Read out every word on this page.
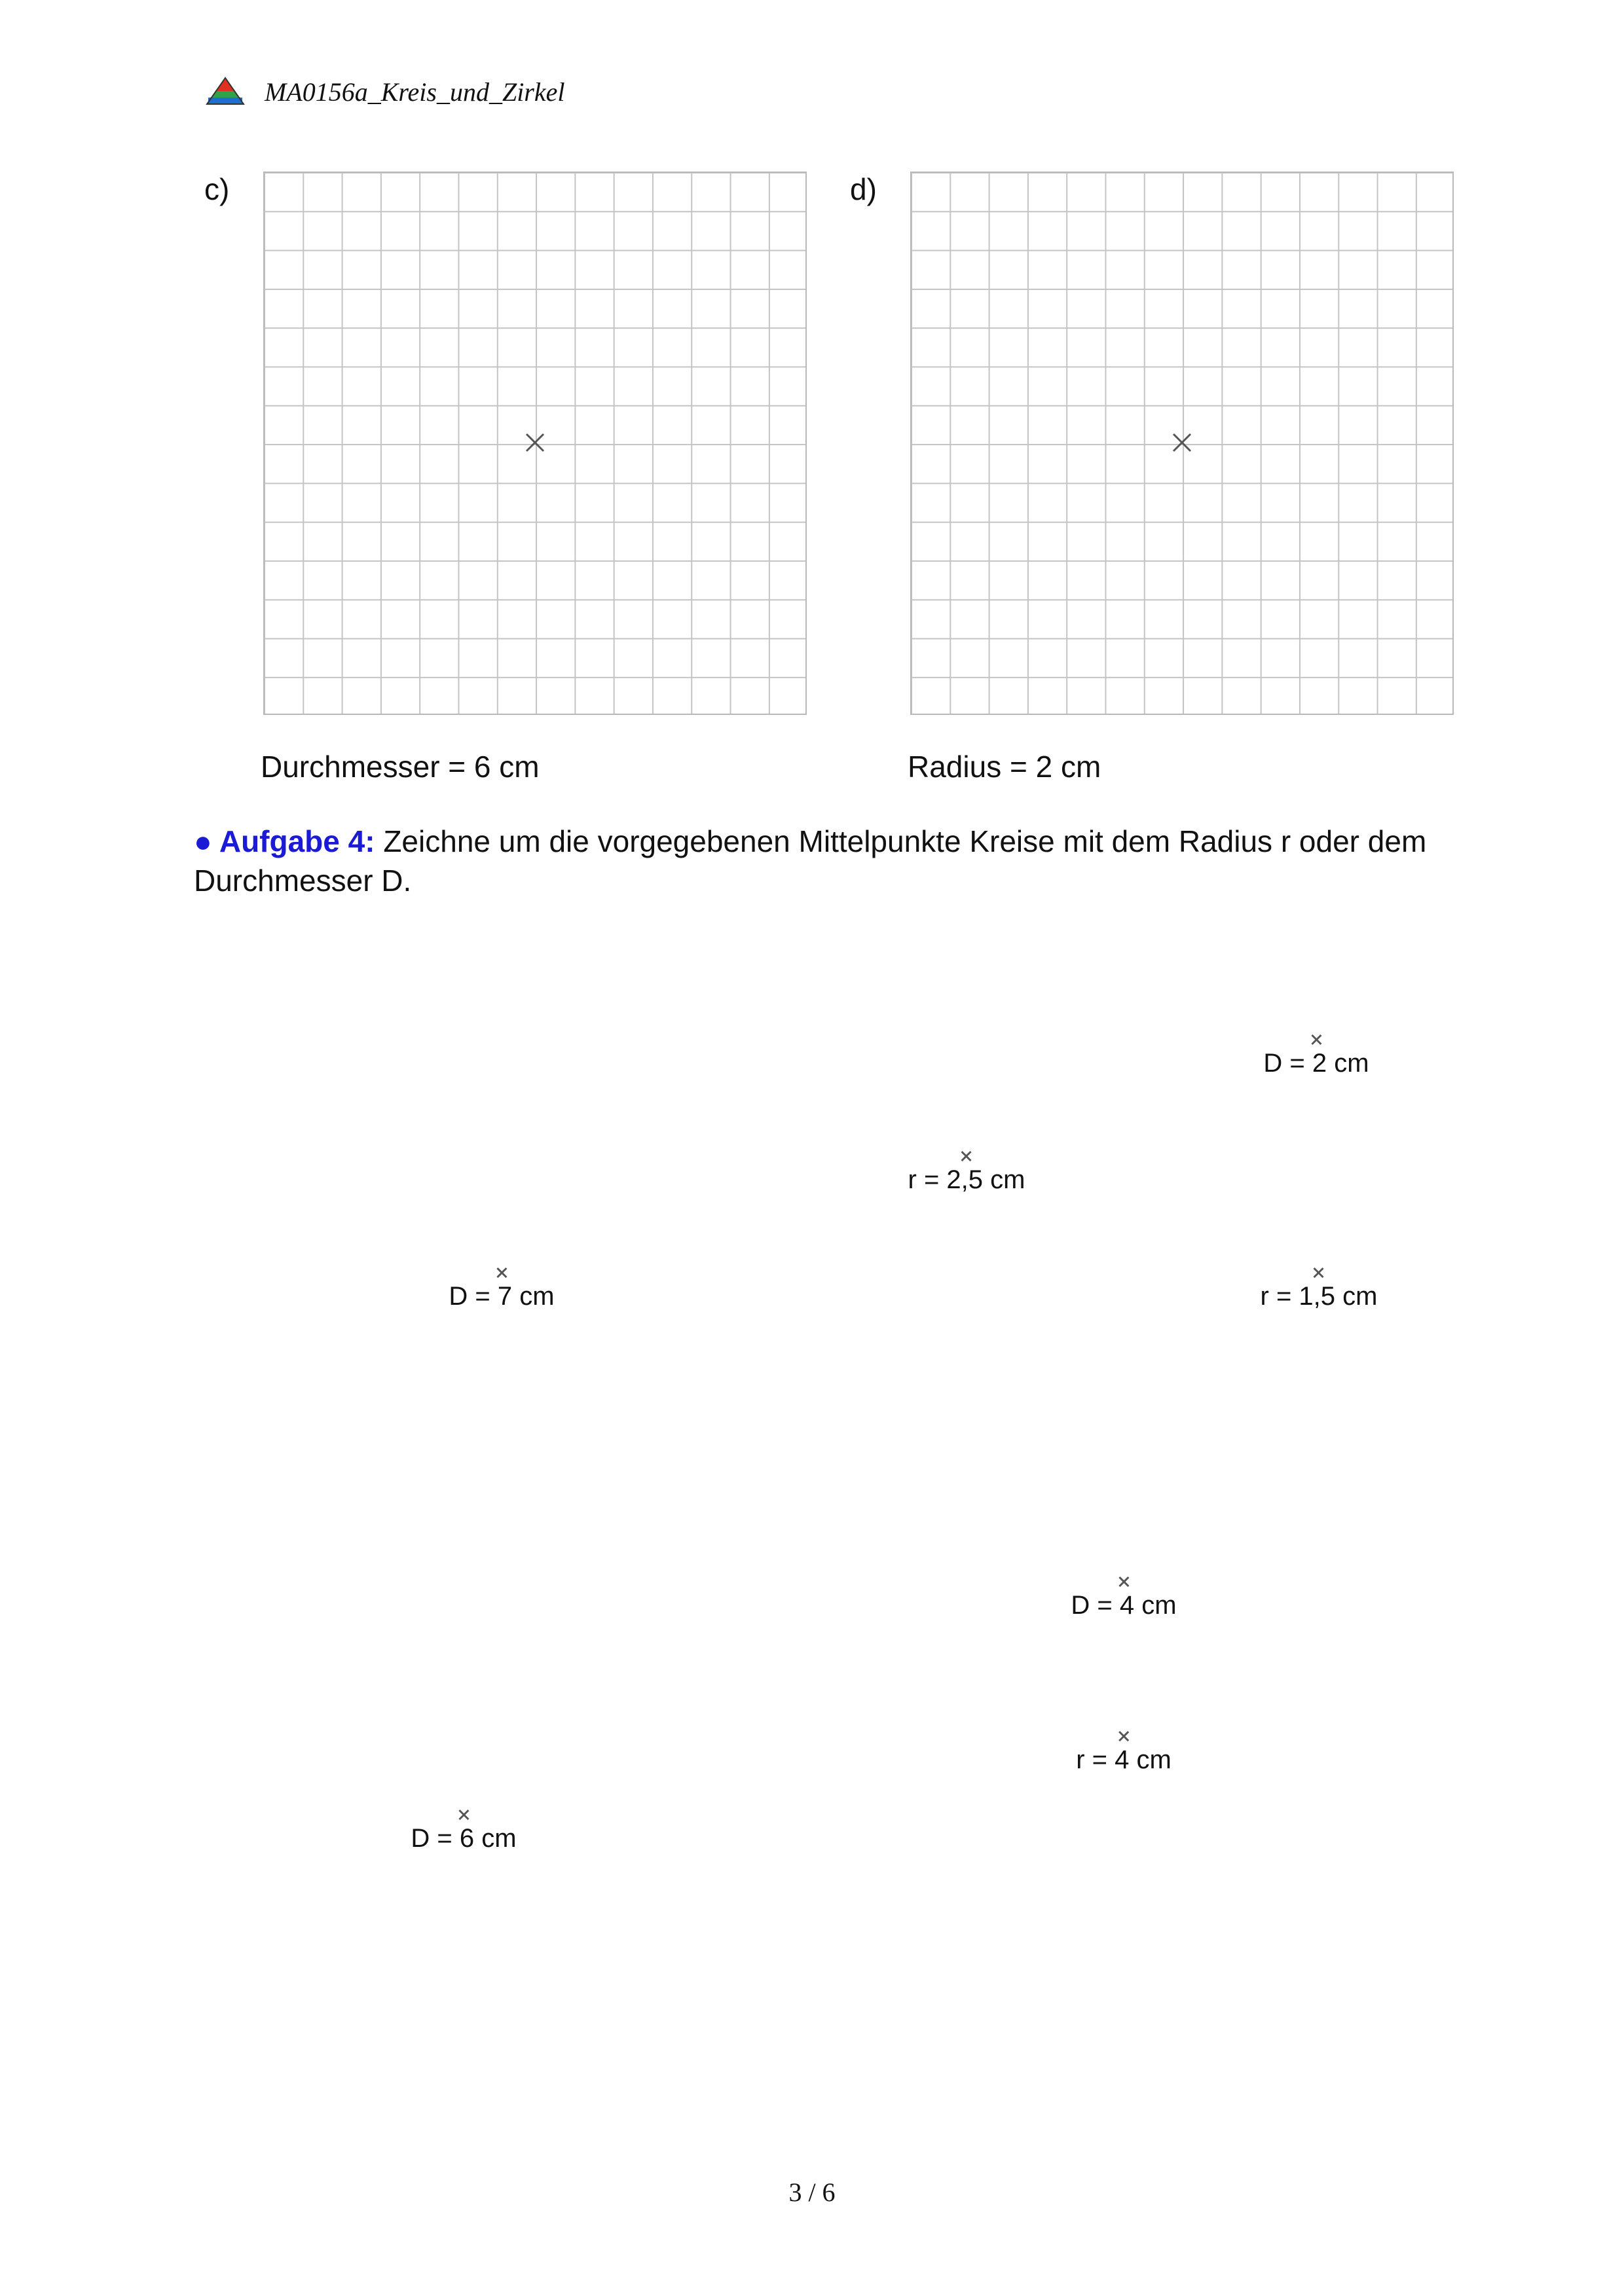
MA0156a_Kreis_und_Zirkel
c)
Durchmesser = 6 cm
d)
Radius = 2 cm
● Aufgabe 4: Zeichne um die vorgegebenen Mittelpunkte Kreise mit dem Radius r oder dem Durchmesser D.
D = 2 cm
r = 2,5 cm
D = 7 cm	r = 1,5 cm
D = 4 cm
r = 4 cm
D = 6 cm
3 / 6
